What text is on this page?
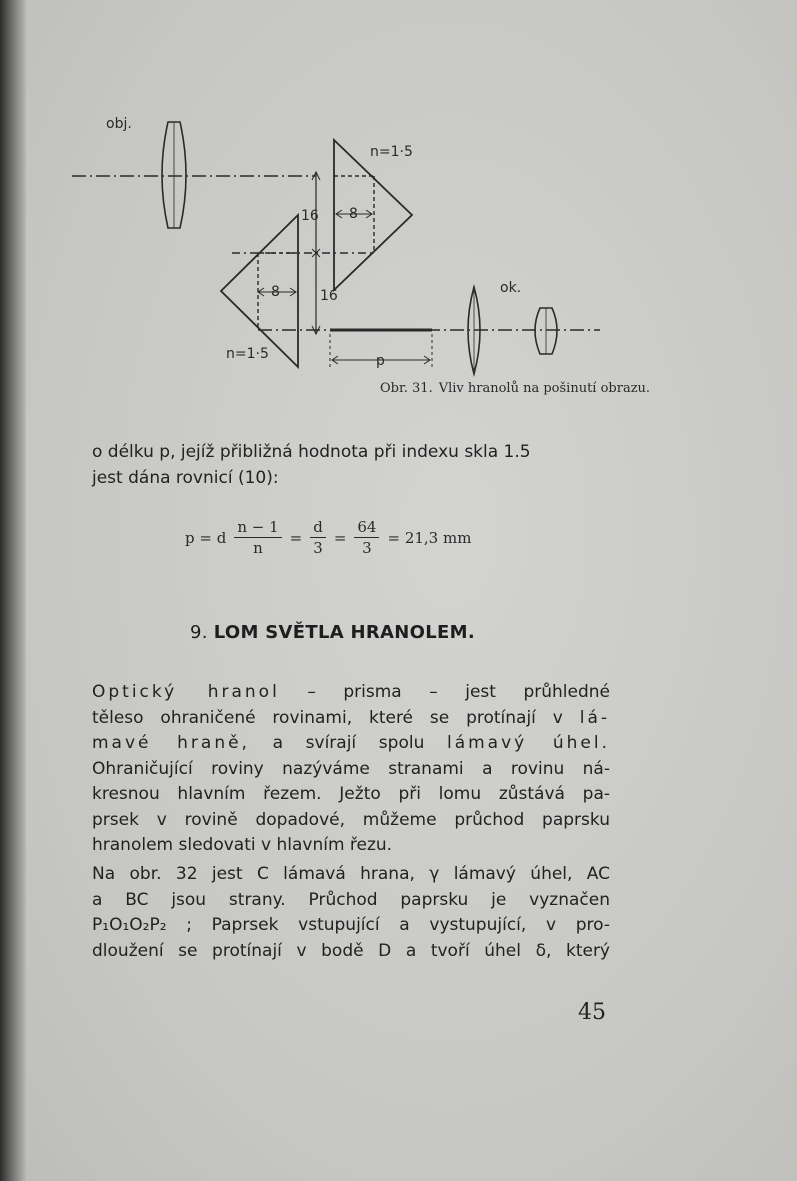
obj.
n=1·5
n=1·5
ok.
16
16
8
8
p
Obr. 31. Vliv hranolů na pošinutí obrazu.
o délku p, jejíž přibližná hodnota při indexu skla 1.5
jest dána rovnicí (10):
p = d $\frac{n - 1}{n} = \frac{d}{3} = \frac{64}{3} = 21,3$ mm
9. LOM SVĚTLA HRANOLEM.
Optický hranol – prisma – jest průhledné
těleso ohraničené rovinami, které se protínají v lá-
mavé hraně, a svírají spolu lámavý úhel.
Ohraničující roviny nazýváme stranami a rovinu ná-
kresnou hlavním řezem. Ježto při lomu zůstává pa-
prsek v rovině dopadové, můžeme průchod paprsku
hranolem sledovati v hlavním řezu.
Na obr. 32 jest C lámavá hrana, γ lámavý úhel, AC
a BC jsou strany. Průchod paprsku je vyznačen
P₁O₁O₂P₂ ; Paprsek vstupující a vystupující, v pro-
dloužení se protínají v bodě D a tvoří úhel δ, který
45
